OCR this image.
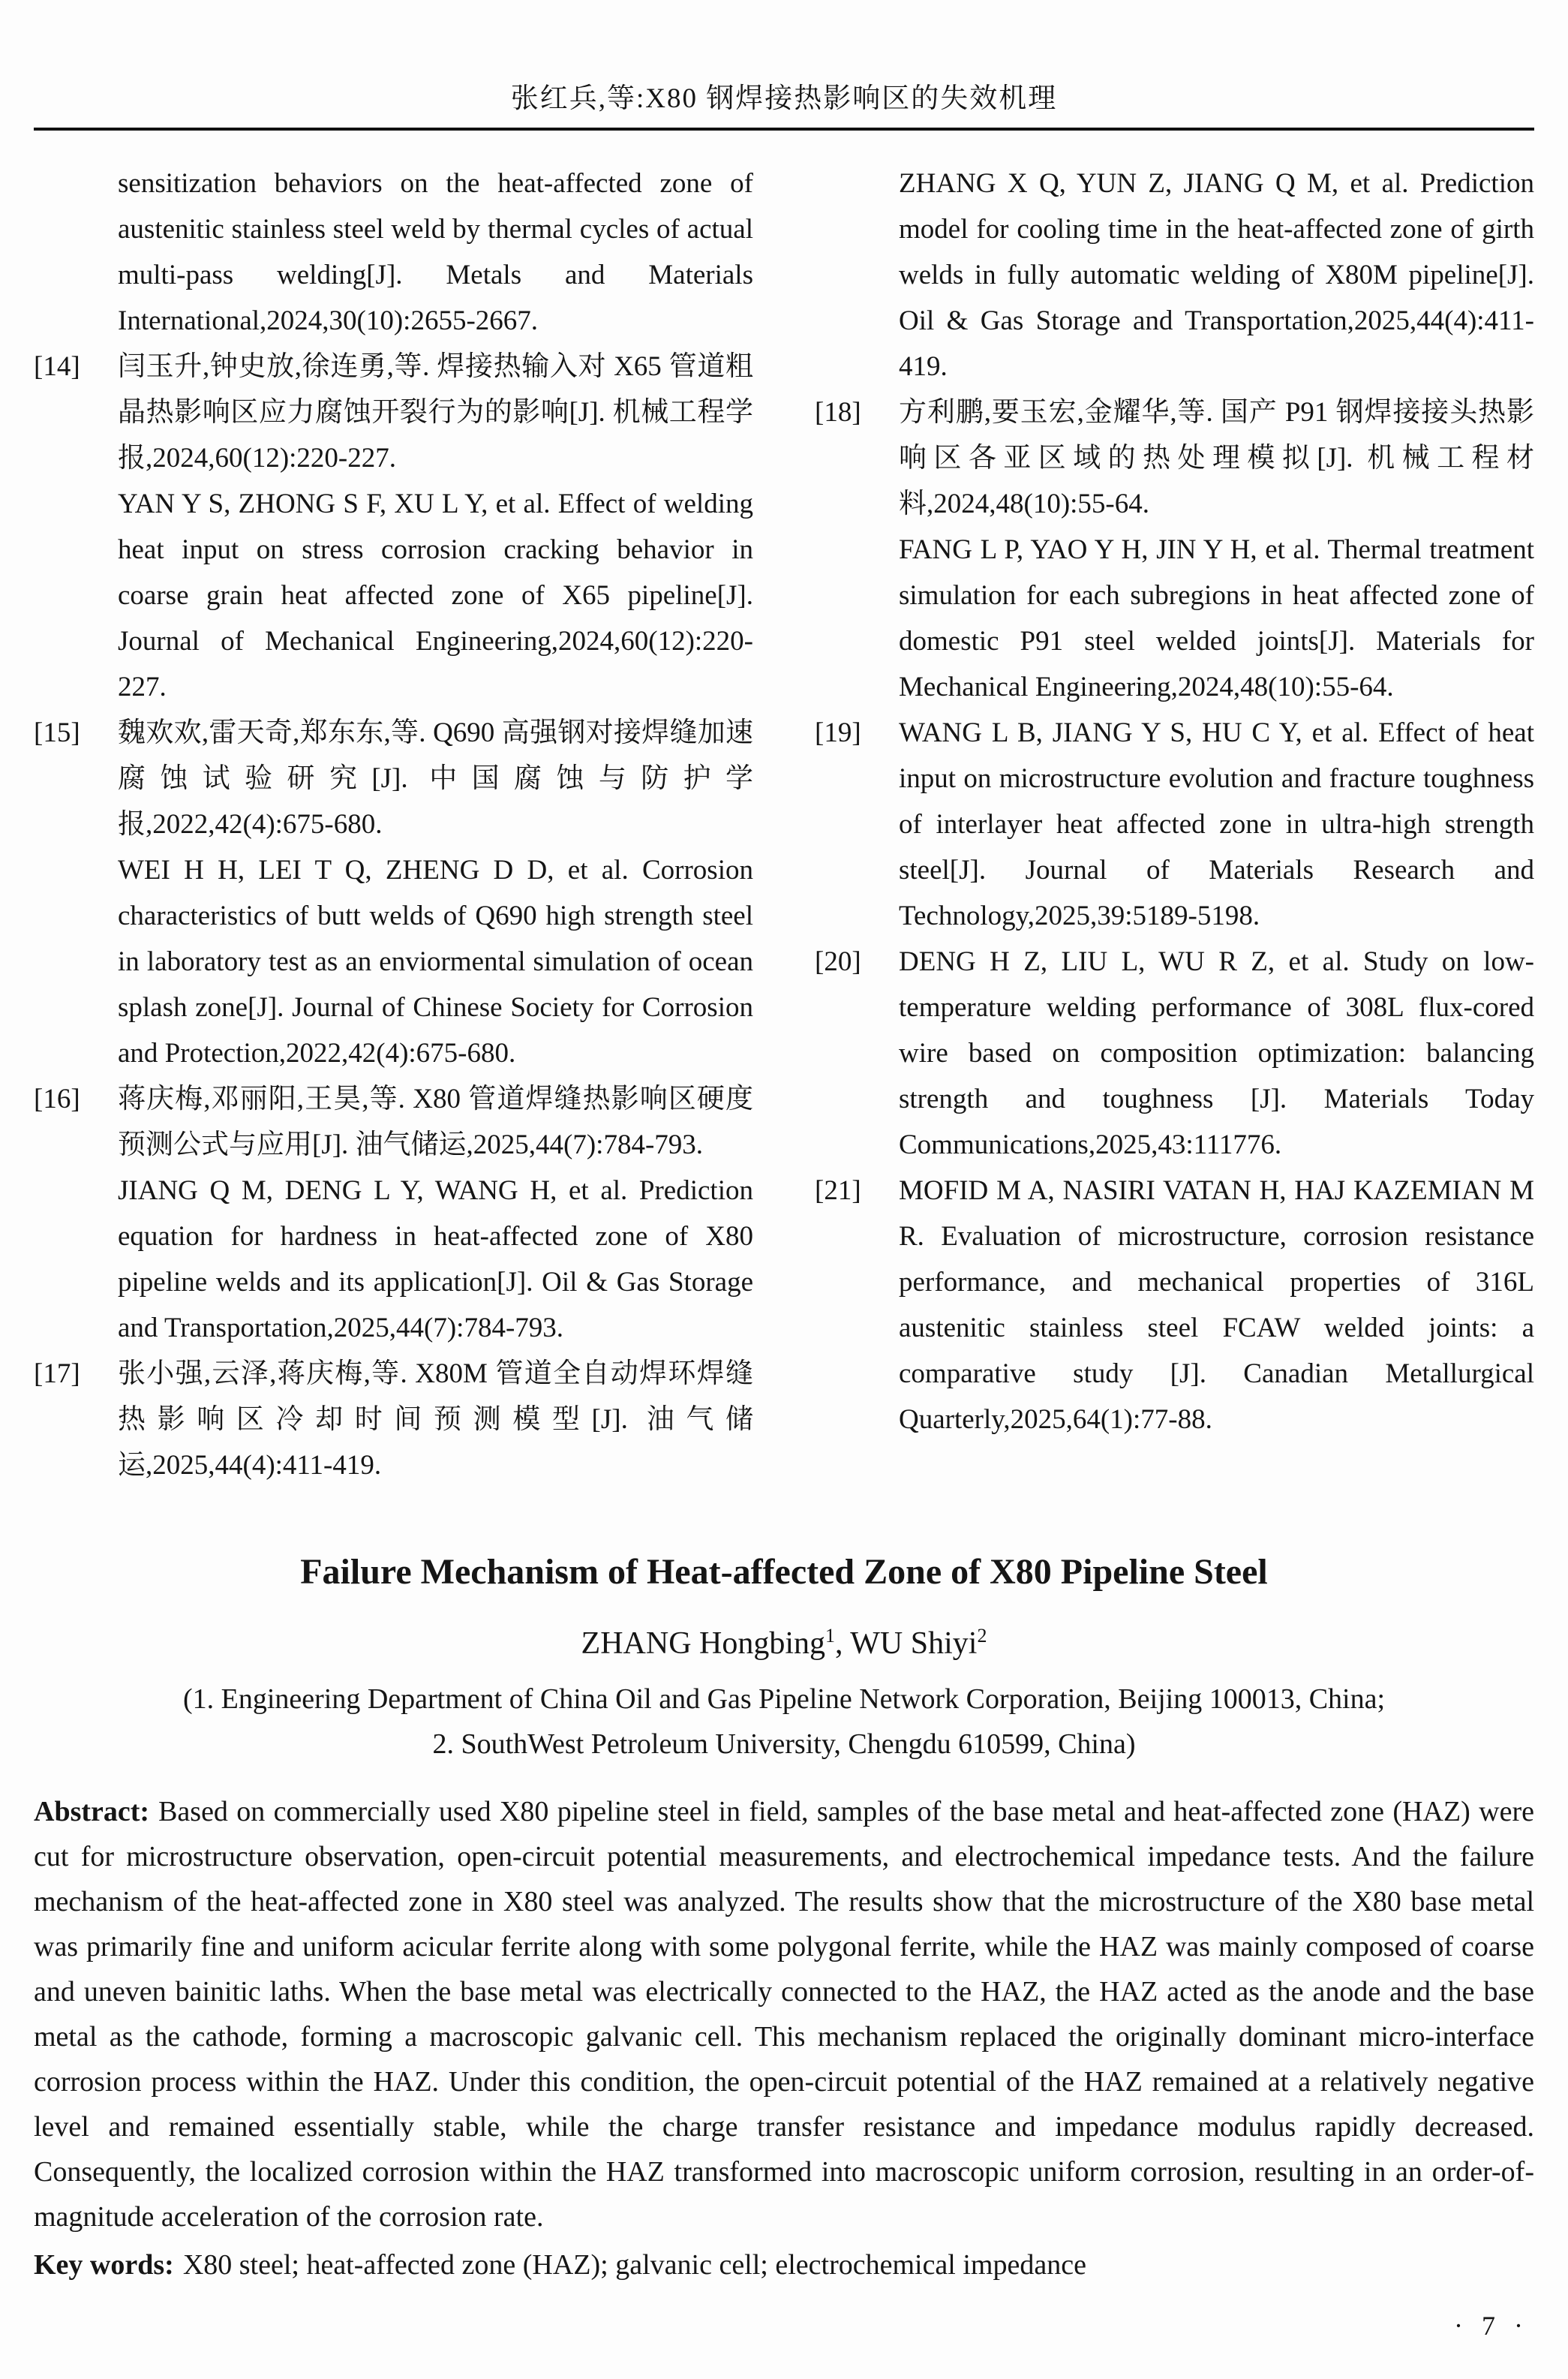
张红兵,等:X80 钢焊接热影响区的失效机理
sensitization behaviors on the heat-affected zone of austenitic stainless steel weld by thermal cycles of actual multi-pass welding[J]. Metals and Materials International,2024,30(10):2655-2667.
[14]	闫玉升,钟史放,徐连勇,等. 焊接热输入对 X65 管道粗晶热影响区应力腐蚀开裂行为的影响[J]. 机械工程学报,2024,60(12):220-227.
YAN Y S, ZHONG S F, XU L Y, et al. Effect of welding heat input on stress corrosion cracking behavior in coarse grain heat affected zone of X65 pipeline[J]. Journal of Mechanical Engineering,2024,60(12):220-227.
[15]	魏欢欢,雷天奇,郑东东,等. Q690 高强钢对接焊缝加速腐蚀试验研究[J]. 中国腐蚀与防护学报,2022,42(4):675-680.
WEI H H, LEI T Q, ZHENG D D, et al. Corrosion characteristics of butt welds of Q690 high strength steel in laboratory test as an enviormental simulation of ocean splash zone[J]. Journal of Chinese Society for Corrosion and Protection,2022,42(4):675-680.
[16]	蒋庆梅,邓丽阳,王昊,等. X80 管道焊缝热影响区硬度预测公式与应用[J]. 油气储运,2025,44(7):784-793.
JIANG Q M, DENG L Y, WANG H, et al. Prediction equation for hardness in heat-affected zone of X80 pipeline welds and its application[J]. Oil & Gas Storage and Transportation,2025,44(7):784-793.
[17]	张小强,云泽,蒋庆梅,等. X80M 管道全自动焊环焊缝热影响区冷却时间预测模型[J]. 油气储运,2025,44(4):411-419.
ZHANG X Q, YUN Z, JIANG Q M, et al. Prediction model for cooling time in the heat-affected zone of girth welds in fully automatic welding of X80M pipeline[J]. Oil & Gas Storage and Transportation,2025,44(4):411-419.
[18]	方利鹏,要玉宏,金耀华,等. 国产 P91 钢焊接接头热影响区各亚区域的热处理模拟[J]. 机械工程材料,2024,48(10):55-64.
FANG L P, YAO Y H, JIN Y H, et al. Thermal treatment simulation for each subregions in heat affected zone of domestic P91 steel welded joints[J]. Materials for Mechanical Engineering,2024,48(10):55-64.
[19]	WANG L B, JIANG Y S, HU C Y, et al. Effect of heat input on microstructure evolution and fracture toughness of interlayer heat affected zone in ultra-high strength steel[J]. Journal of Materials Research and Technology,2025,39:5189-5198.
[20]	DENG H Z, LIU L, WU R Z, et al. Study on low-temperature welding performance of 308L flux-cored wire based on composition optimization: balancing strength and toughness [J]. Materials Today Communications,2025,43:111776.
[21]	MOFID M A, NASIRI VATAN H, HAJ KAZEMIAN M R. Evaluation of microstructure, corrosion resistance performance, and mechanical properties of 316L austenitic stainless steel FCAW welded joints: a comparative study [J]. Canadian Metallurgical Quarterly,2025,64(1):77-88.
Failure Mechanism of Heat-affected Zone of X80 Pipeline Steel
ZHANG Hongbing$^1$, WU Shiyi$^2$
(1. Engineering Department of China Oil and Gas Pipeline Network Corporation, Beijing 100013, China;
2. SouthWest Petroleum University, Chengdu 610599, China)
Abstract: Based on commercially used X80 pipeline steel in field, samples of the base metal and heat-affected zone (HAZ) were cut for microstructure observation, open-circuit potential measurements, and electrochemical impedance tests. And the failure mechanism of the heat-affected zone in X80 steel was analyzed. The results show that the microstructure of the X80 base metal was primarily fine and uniform acicular ferrite along with some polygonal ferrite, while the HAZ was mainly composed of coarse and uneven bainitic laths. When the base metal was electrically connected to the HAZ, the HAZ acted as the anode and the base metal as the cathode, forming a macroscopic galvanic cell. This mechanism replaced the originally dominant micro-interface corrosion process within the HAZ. Under this condition, the open-circuit potential of the HAZ remained at a relatively negative level and remained essentially stable, while the charge transfer resistance and impedance modulus rapidly decreased. Consequently, the localized corrosion within the HAZ transformed into macroscopic uniform corrosion, resulting in an order-of-magnitude acceleration of the corrosion rate.
Key words: X80 steel; heat-affected zone (HAZ); galvanic cell; electrochemical impedance
· 7 ·
